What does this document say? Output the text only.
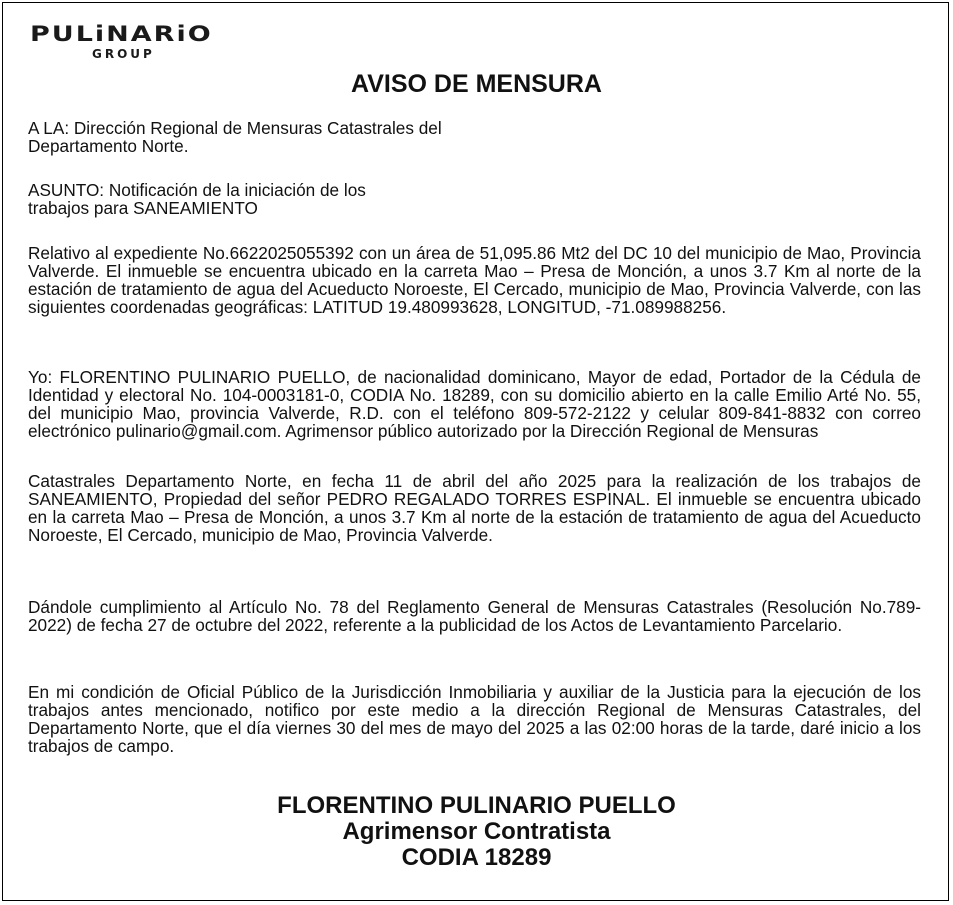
PULiNARiO
GROUP
AVISO DE MENSURA

A LA: Dirección Regional de Mensuras Catastrales del
Departamento Norte.

ASUNTO: Notificación de la iniciación de los
trabajos para SANEAMIENTO

Relativo al expediente No.6622025055392 con un área de 51,095.86 Mt2 del DC 10 del municipio de Mao, Provincia Valverde. El inmueble se encuentra ubicado en la carreta Mao – Presa de Monción, a unos 3.7 Km al norte de la estación de tratamiento de agua del Acueducto Noroeste, El Cercado, municipio de Mao, Provincia Valverde, con las siguientes coordenadas geográficas: LATITUD 19.480993628, LONGITUD, -71.089988256.

Yo: FLORENTINO PULINARIO PUELLO, de nacionalidad dominicano, Mayor de edad, Portador de la Cédula de Identidad y electoral No. 104-0003181-0, CODIA No. 18289, con su domicilio abierto en la calle Emilio Arté No. 55, del municipio Mao, provincia Valverde, R.D. con el teléfono 809-572-2122 y celular 809-841-8832 con correo electrónico pulinario@gmail.com. Agrimensor público autorizado por la Dirección Regional de Mensuras

Catastrales Departamento Norte, en fecha 11 de abril del año 2025 para la realización de los trabajos de SANEAMIENTO, Propiedad del señor PEDRO REGALADO TORRES ESPINAL. El inmueble se encuentra ubicado en la carreta Mao – Presa de Monción, a unos 3.7 Km al norte de la estación de tratamiento de agua del Acueducto Noroeste, El Cercado, municipio de Mao, Provincia Valverde.

Dándole cumplimiento al Artículo No. 78 del Reglamento General de Mensuras Catastrales (Resolución No.789-2022) de fecha 27 de octubre del 2022, referente a la publicidad de los Actos de Levantamiento Parcelario.

En mi condición de Oficial Público de la Jurisdicción Inmobiliaria y auxiliar de la Justicia para la ejecución de los trabajos antes mencionado, notifico por este medio a la dirección Regional de Mensuras Catastrales, del Departamento Norte, que el día viernes 30 del mes de mayo del 2025 a las 02:00 horas de la tarde, daré inicio a los trabajos de campo.

FLORENTINO PULINARIO PUELLO
Agrimensor Contratista
CODIA 18289
